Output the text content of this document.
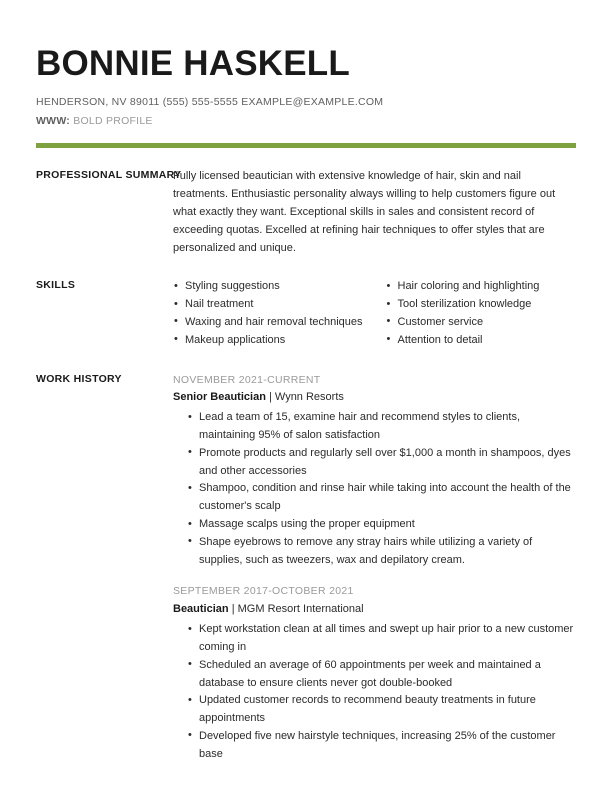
BONNIE HASKELL
HENDERSON, NV 89011 (555) 555-5555 EXAMPLE@EXAMPLE.COM
WWW: BOLD PROFILE
PROFESSIONAL SUMMARY

Fully licensed beautician with extensive knowledge of hair, skin and nail treatments. Enthusiastic personality always willing to help customers figure out what exactly they want. Exceptional skills in sales and consistent record of exceeding quotas. Excelled at refining hair techniques to offer styles that are personalized and unique.

SKILLS	• Styling suggestions
• Nail treatment
• Waxing and hair removal techniques
• Makeup applications
• Hair coloring and highlighting
• Tool sterilization knowledge
• Customer service
• Attention to detail
WORK HISTORY	NOVEMBER 2021-CURRENT
Senior Beautician | Wynn Resorts
• Lead a team of 15, examine hair and recommend styles to clients, maintaining 95% of salon satisfaction
• Promote products and regularly sell over $1,000 a month in shampoos, dyes and other accessories
• Shampoo, condition and rinse hair while taking into account the health of the customer's scalp
• Massage scalps using the proper equipment
• Shape eyebrows to remove any stray hairs while utilizing a variety of supplies, such as tweezers, wax and depilatory cream.
SEPTEMBER 2017-OCTOBER 2021
Beautician | MGM Resort International
• Kept workstation clean at all times and swept up hair prior to a new customer coming in
• Scheduled an average of 60 appointments per week and maintained a database to ensure clients never got double-booked
• Updated customer records to recommend beauty treatments in future appointments
• Developed five new hairstyle techniques, increasing 25% of the customer base
